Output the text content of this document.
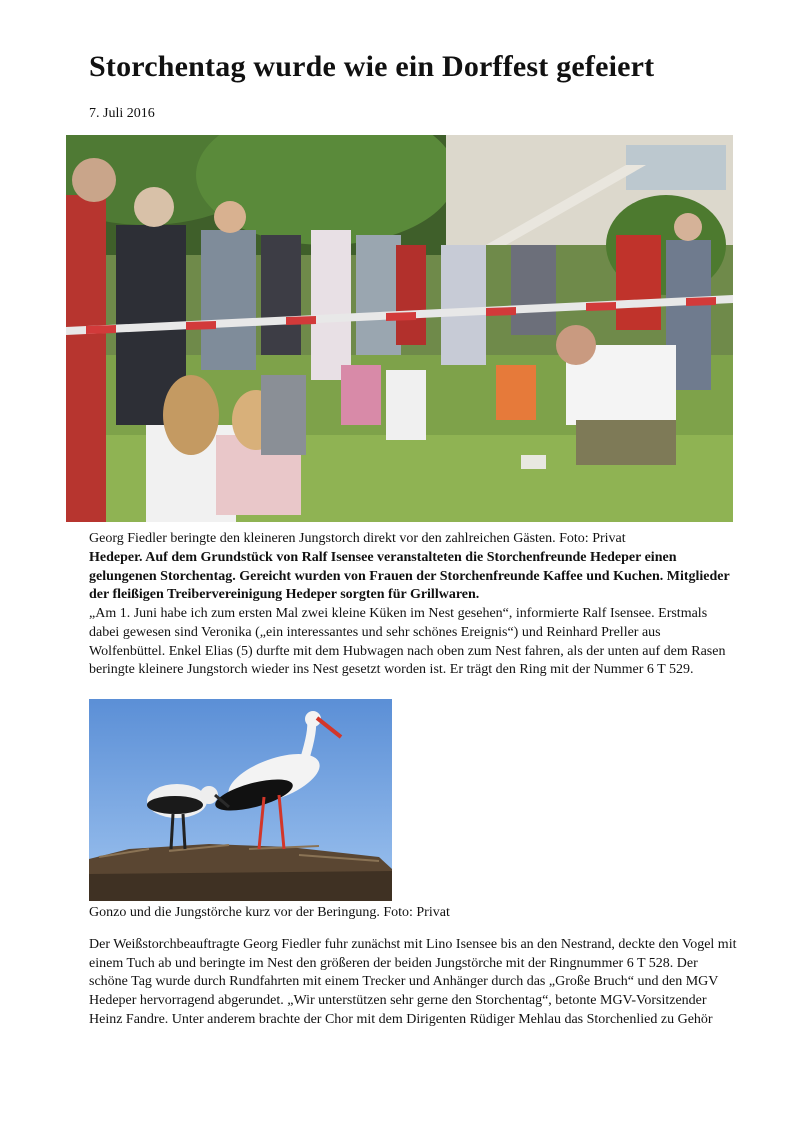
Storchentag wurde wie ein Dorffest gefeiert
7. Juli 2016
Georg Fiedler beringte den kleineren Jungstorch direkt vor den zahlreichen Gästen. Foto: Privat

Hedeper. Auf dem Grundstück von Ralf Isensee veranstalteten die Storchenfreunde Hedeper einen gelungenen Storchentag. Gereicht wurden von Frauen der Storchenfreunde Kaffee und Kuchen. Mitglieder der fleißigen Treibervereinigung Hedeper sorgten für Grillwaren.

„Am 1. Juni habe ich zum ersten Mal zwei kleine Küken im Nest gesehen“, informierte Ralf Isensee. Erstmals dabei gewesen sind Veronika („ein interessantes und sehr schönes Ereignis“) und Reinhard Preller aus Wolfenbüttel. Enkel Elias (5) durfte mit dem Hubwagen nach oben zum Nest fahren, als der unten auf dem Rasen beringte kleinere Jungstorch wieder ins Nest gesetzt worden ist. Er trägt den Ring mit der Nummer 6 T 529.

Gonzo und die Jungstörche kurz vor der Beringung. Foto: Privat

Der Weißstorchbeauftragte Georg Fiedler fuhr zunächst mit Lino Isensee bis an den Nestrand, deckte den Vogel mit einem Tuch ab und beringte im Nest den größeren der beiden Jungstörche mit der Ringnummer 6 T 528. Der schöne Tag wurde durch Rundfahrten mit einem Trecker und Anhänger durch das „Große Bruch“ und den MGV Hedeper hervorragend abgerundet. „Wir unterstützen sehr gerne den Storchentag“, betonte MGV-Vorsitzender Heinz Fandre. Unter anderem brachte der Chor mit dem Dirigenten Rüdiger Mehlau das Storchenlied zu Gehör
